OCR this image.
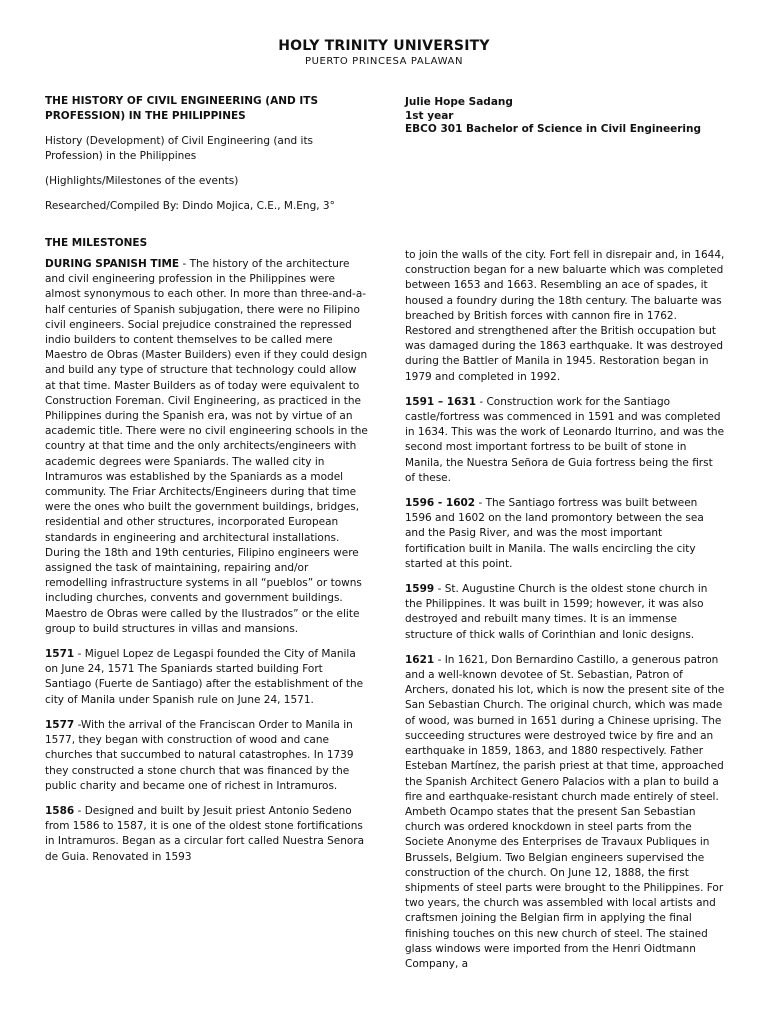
HOLY TRINITY UNIVERSITY
PUERTO PRINCESA PALAWAN

THE HISTORY OF CIVIL ENGINEERING (AND ITS PROFESSION) IN THE PHILIPPINES

History (Development) of Civil Engineering (and its Profession) in the Philippines

(Highlights/Milestones of the events)

Researched/Compiled By: Dindo Mojica, C.E., M.Eng, 3°

Julie Hope Sadang
1st year
EBCO 301 Bachelor of Science in Civil Engineering
THE MILESTONES

DURING SPANISH TIME - The history of the architecture and civil engineering profession in the Philippines were almost synonymous to each other. In more than three-and-a-half centuries of Spanish subjugation, there were no Filipino civil engineers. Social prejudice constrained the repressed indio builders to content themselves to be called mere Maestro de Obras (Master Builders) even if they could design and build any type of structure that technology could allow at that time. Master Builders as of today were equivalent to Construction Foreman. Civil Engineering, as practiced in the Philippines during the Spanish era, was not by virtue of an academic title. There were no civil engineering schools in the country at that time and the only architects/engineers with academic degrees were Spaniards. The walled city in Intramuros was established by the Spaniards as a model community. The Friar Architects/Engineers during that time were the ones who built the government buildings, bridges, residential and other structures, incorporated European standards in engineering and architectural installations. During the 18th and 19th centuries, Filipino engineers were assigned the task of maintaining, repairing and/or remodelling infrastructure systems in all “pueblos” or towns including churches, convents and government buildings. Maestro de Obras were called by the Ilustrados” or the elite group to build structures in villas and mansions.

1571 - Miguel Lopez de Legaspi founded the City of Manila on June 24, 1571 The Spaniards started building Fort Santiago (Fuerte de Santiago) after the establishment of the city of Manila under Spanish rule on June 24, 1571.

1577 -With the arrival of the Franciscan Order to Manila in 1577, they began with construction of wood and cane churches that succumbed to natural catastrophes. In 1739 they constructed a stone church that was financed by the public charity and became one of richest in Intramuros.

1586 - Designed and built by Jesuit priest Antonio Sedeno from 1586 to 1587, it is one of the oldest stone fortifications in Intramuros. Began as a circular fort called Nuestra Senora de Guia. Renovated in 1593

to join the walls of the city. Fort fell in disrepair and, in 1644, construction began for a new baluarte which was completed between 1653 and 1663. Resembling an ace of spades, it housed a foundry during the 18th century. The baluarte was breached by British forces with cannon fire in 1762. Restored and strengthened after the British occupation but was damaged during the 1863 earthquake. It was destroyed during the Battler of Manila in 1945. Restoration began in 1979 and completed in 1992.

1591 – 1631 - Construction work for the Santiago castle/fortress was commenced in 1591 and was completed in 1634. This was the work of Leonardo Iturrino, and was the second most important fortress to be built of stone in Manila, the Nuestra Señora de Guia fortress being the first of these.

1596 - 1602 - The Santiago fortress was built between 1596 and 1602 on the land promontory between the sea and the Pasig River, and was the most important fortification built in Manila. The walls encircling the city started at this point.

1599 - St. Augustine Church is the oldest stone church in the Philippines. It was built in 1599; however, it was also destroyed and rebuilt many times. It is an immense structure of thick walls of Corinthian and Ionic designs.

1621 - In 1621, Don Bernardino Castillo, a generous patron and a well-known devotee of St. Sebastian, Patron of Archers, donated his lot, which is now the present site of the San Sebastian Church. The original church, which was made of wood, was burned in 1651 during a Chinese uprising. The succeeding structures were destroyed twice by fire and an earthquake in 1859, 1863, and 1880 respectively. Father Esteban Martínez, the parish priest at that time, approached the Spanish Architect Genero Palacios with a plan to build a fire and earthquake-resistant church made entirely of steel. Ambeth Ocampo states that the present San Sebastian church was ordered knockdown in steel parts from the Societe Anonyme des Enterprises de Travaux Publiques in Brussels, Belgium. Two Belgian engineers supervised the construction of the church. On June 12, 1888, the first shipments of steel parts were brought to the Philippines. For two years, the church was assembled with local artists and craftsmen joining the Belgian firm in applying the final finishing touches on this new church of steel. The stained glass windows were imported from the Henri Oidtmann Company, a
